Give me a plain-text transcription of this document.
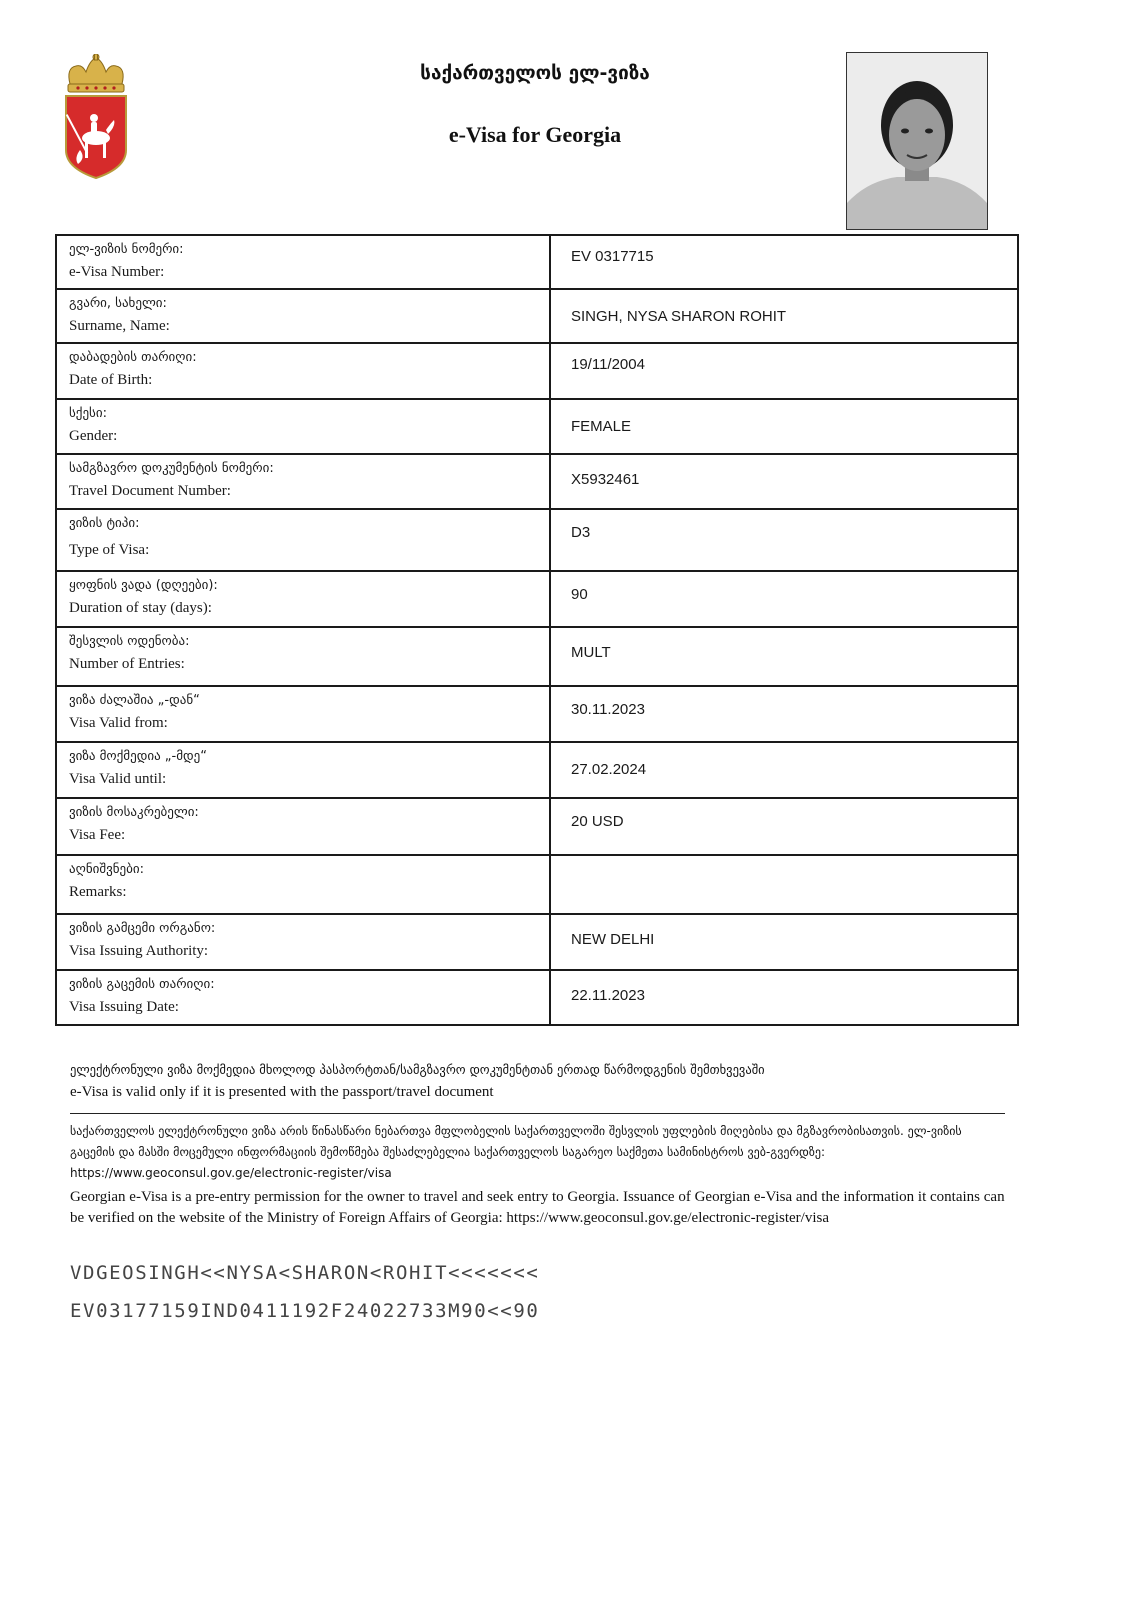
საქართველოს ელ-ვიზა
e-Visa for Georgia
ელ-ვიზის ნომერი:
e-Visa Number:	EV 0317715

გვარი, სახელი:
Surname, Name:	SINGH, NYSA SHARON ROHIT

დაბადების თარიღი:
Date of Birth:	19/11/2004

სქესი:
Gender:	FEMALE

სამგზავრო დოკუმენტის ნომერი:
Travel Document Number:	X5932461

ვიზის ტიპი:
Type of Visa:	D3

ყოფნის ვადა (დღეები):
Duration of stay (days):	90

შესვლის ოდენობა:
Number of Entries:	MULT

ვიზა ძალაშია „-დან“
Visa Valid from:	30.11.2023

ვიზა მოქმედია „-მდე“
Visa Valid until:	27.02.2024

ვიზის მოსაკრებელი:
Visa Fee:	20 USD

აღნიშვნები:
Remarks:	

ვიზის გამცემი ორგანო:
Visa Issuing Authority:	NEW DELHI

ვიზის გაცემის თარიღი:
Visa Issuing Date:	22.11.2023
ელექტრონული ვიზა მოქმედია მხოლოდ პასპორტთან/სამგზავრო დოკუმენტთან ერთად წარმოდგენის შემთხვევაში
e-Visa is valid only if it is presented with the passport/travel document
საქართველოს ელექტრონული ვიზა არის წინასწარი ნებართვა მფლობელის საქართველოში შესვლის უფლების მიღებისა და მგზავრობისათვის. ელ-ვიზის გაცემის და მასში მოცემული ინფორმაციის შემოწმება შესაძლებელია საქართველოს საგარეო საქმეთა სამინისტროს ვებ-გვერდზე: https://www.geoconsul.gov.ge/electronic-register/visa
Georgian e-Visa is a pre-entry permission for the owner to travel and seek entry to Georgia. Issuance of Georgian e-Visa and the information it contains can be verified on the website of the Ministry of Foreign Affairs of Georgia: https://www.geoconsul.gov.ge/electronic-register/visa
VDGEOSINGH<<NYSA<SHARON<ROHIT<<<<<<<
EV03177159IND0411192F24022733M90<<90
